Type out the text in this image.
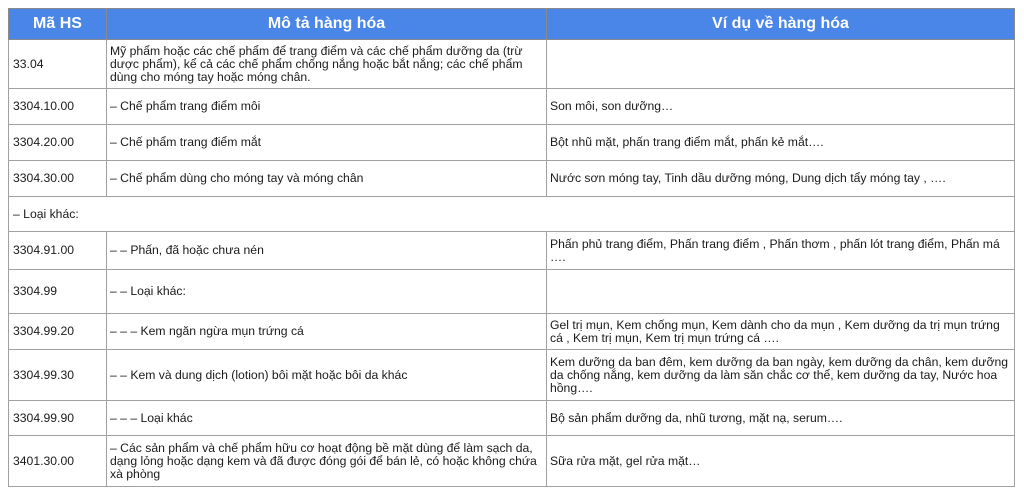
Mã HS	Mô tả hàng hóa	Ví dụ về hàng hóa
33.04	Mỹ phẩm hoặc các chế phẩm để trang điểm và các chế phẩm dưỡng da (trừ dược phẩm), kể cả các chế phẩm chống nắng hoặc bắt nắng; các chế phẩm dùng cho móng tay hoặc móng chân.	
3304.10.00	– Chế phẩm trang điểm môi	Son môi, son dưỡng…
3304.20.00	– Chế phẩm trang điểm mắt	Bột nhũ mặt, phấn trang điểm mắt, phấn kẻ mắt….
3304.30.00	– Chế phẩm dùng cho móng tay và móng chân	Nước sơn móng tay, Tinh dầu dưỡng móng, Dung dịch tẩy móng tay , ….
– Loại khác:		
3304.91.00	– – Phấn, đã hoặc chưa nén	Phấn phủ trang điểm, Phấn trang điểm , Phấn thơm , phấn lót trang điểm, Phấn má ….
3304.99	– – Loại khác:	
3304.99.20	– – – Kem ngăn ngừa mụn trứng cá	Gel trị mụn, Kem chống mụn, Kem dành cho da mụn , Kem dưỡng da trị mụn trứng cá , Kem trị mụn, Kem trị mụn trứng cá ….
3304.99.30	– – Kem và dung dịch (lotion) bôi mặt hoặc bôi da khác	Kem dưỡng da ban đêm, kem dưỡng da ban ngày, kem dưỡng da chân, kem dưỡng da chống nắng, kem dưỡng da làm săn chắc cơ thể, kem dưỡng da tay, Nước hoa hồng….
3304.99.90	– – – Loại khác	Bộ sản phẩm dưỡng da, nhũ tương, mặt nạ, serum….
3401.30.00	– Các sản phẩm và chế phẩm hữu cơ hoạt động bề mặt dùng để làm sạch da, dạng lỏng hoặc dạng kem và đã được đóng gói để bán lẻ, có hoặc không chứa xà phòng	Sữa rửa mặt, gel rửa mặt…
